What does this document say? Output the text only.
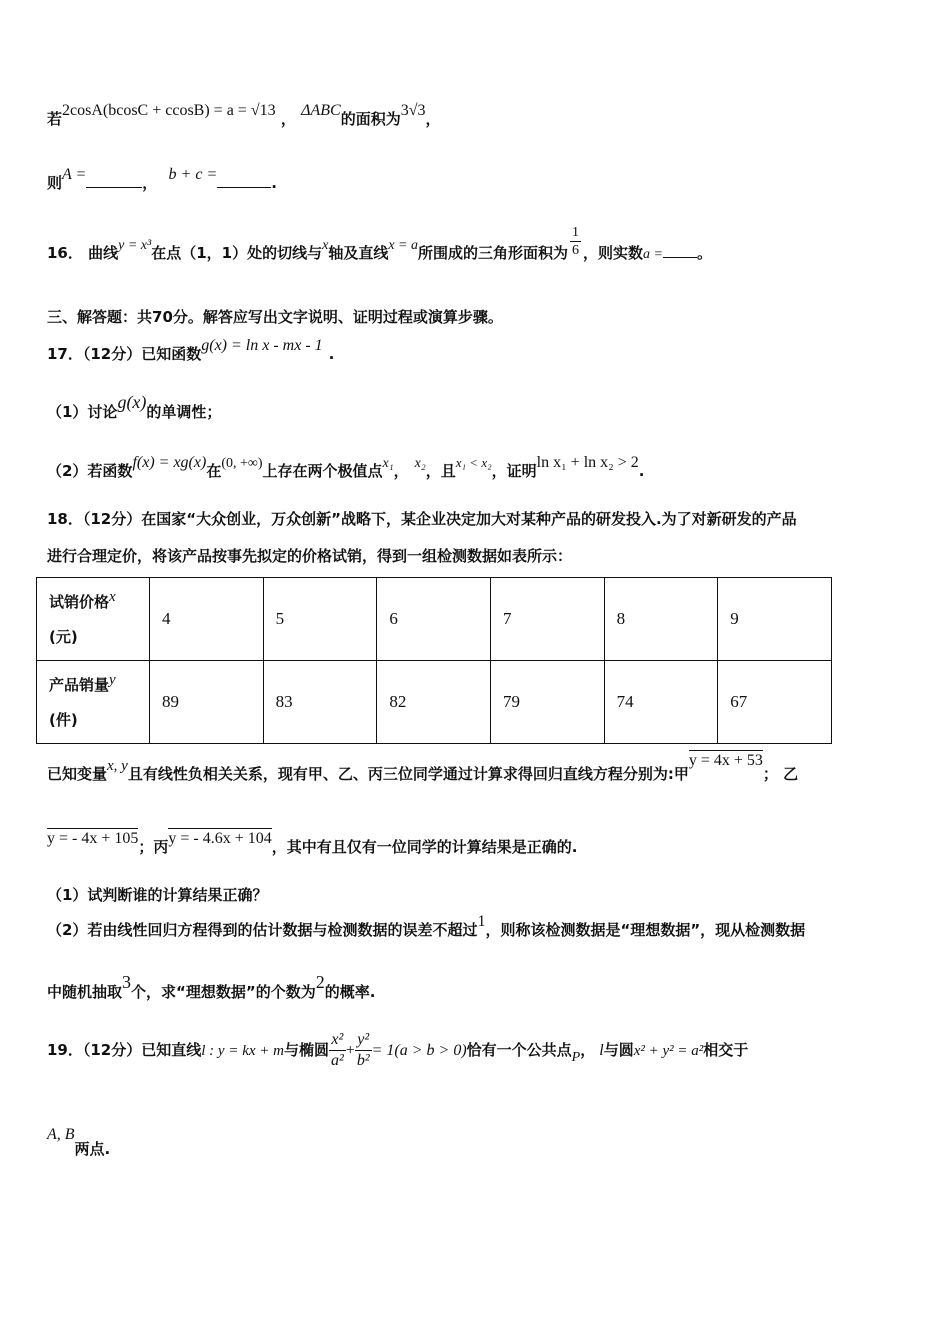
若2cosA(bcosC + ccosB) = a = √13 ， ΔABC的面积为3√3，
则A =	， b + c =	.
16． 曲线y = x³在点（1，1）处的切线与x轴及直线x = a所围成的三角形面积为 $\frac{1}{6}$ ，则实数a = 。
三、解答题：共70分。解答应写出文字说明、证明过程或演算步骤。
17．（12分）已知函数g(x) = ln x - mx - 1 .
（1）讨论g(x)的单调性；
（2）若函数f(x) = xg(x)在(0, +∞)上存在两个极值点x₁， x₂，且x₁ < x₂，证明ln x₁ + ln x₂ > 2.
18．（12分）在国家“大众创业，万众创新”战略下，某企业决定加大对某种产品的研发投入.为了对新研发的产品
进行合理定价，将该产品按事先拟定的价格试销，得到一组检测数据如表所示：
试销价格x
(元)	4	5	6	7	8	9
产品销量y
(件)	89	83	82	79	74	67
已知变量x, y且有线性负相关关系，现有甲、乙、丙三位同学通过计算求得回归直线方程分别为:甲y = 4x + 53； 乙
y = - 4x + 105；丙y = - 4.6x + 104，其中有且仅有一位同学的计算结果是正确的.
（1）试判断谁的计算结果正确？
（2）若由线性回归方程得到的估计数据与检测数据的误差不超过1，则称该检测数据是“理想数据”，现从检测数据
中随机抽取3个，求“理想数据”的个数为2的概率.
19．（12分）已知直线l : y = kx + m与椭圆 $\frac{\text{x²}}{\text{a²}} + \frac{\text{y²}}{\text{b²}} = 1(a > b > 0)$恰有一个公共点P， l与圆x² + y² = a²相交于
A, B两点.
